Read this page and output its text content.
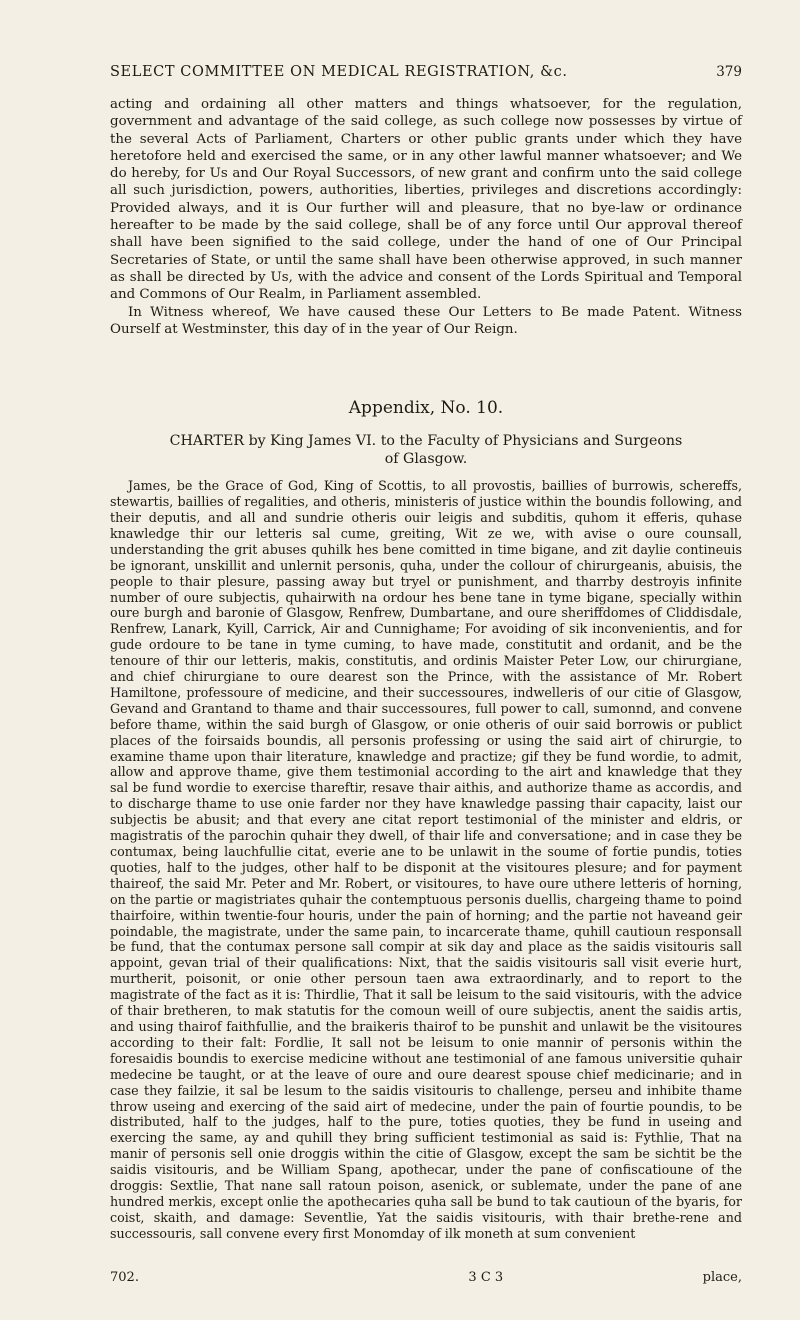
SELECT COMMITTEE ON MEDICAL REGISTRATION, &c.	379

acting and ordaining all other matters and things whatsoever, for the regulation, government and advantage of the said college, as such college now possesses by virtue of the several Acts of Parliament, Charters or other public grants under which they have heretofore held and exercised the same, or in any other lawful manner whatsoever; and We do hereby, for Us and Our Royal Successors, of new grant and confirm unto the said college all such jurisdiction, powers, authorities, liberties, privileges and discretions accordingly: Provided always, and it is Our further will and pleasure, that no bye-law or ordinance hereafter to be made by the said college, shall be of any force until Our approval thereof shall have been signified to the said college, under the hand of one of Our Principal Secretaries of State, or until the same shall have been otherwise approved, in such manner as shall be directed by Us, with the advice and consent of the Lords Spiritual and Temporal and Commons of Our Realm, in Parliament assembled.

In Witness whereof, We have caused these Our Letters to Be made Patent. Witness Ourself at Westminster, this day of in the year of Our Reign.

Appendix, No. 10.
CHARTER by King James VI. to the Faculty of Physicians and Surgeons
of Glasgow.

James, be the Grace of God, King of Scottis, to all provostis, baillies of burrowis, schereffs, stewartis, baillies of regalities, and otheris, ministeris of justice within the boundis following, and their deputis, and all and sundrie otheris ouir leigis and subditis, quhom it efferis, quhase knawledge thir our letteris sal cume, greiting, Wit ze we, with avise o oure counsall, understanding the grit abuses quhilk hes bene comitted in time bigane, and zit daylie contineuis be ignorant, unskillit and unlernit personis, quha, under the collour of chirurgeanis, abuisis, the people to thair plesure, passing away but tryel or punishment, and tharrby destroyis infinite number of oure subjectis, quhairwith na ordour hes bene tane in tyme bigane, specially within oure burgh and baronie of Glasgow, Renfrew, Dumbartane, and oure sheriffdomes of Cliddisdale, Renfrew, Lanark, Kyill, Carrick, Air and Cunnighame; For avoiding of sik inconvenientis, and for gude ordoure to be tane in tyme cuming, to have made, constitutit and ordanit, and be the tenoure of thir our letteris, makis, constitutis, and ordinis Maister Peter Low, our chirurgiane, and chief chirurgiane to oure dearest son the Prince, with the assistance of Mr. Robert Hamiltone, professoure of medicine, and their successoures, indwelleris of our citie of Glasgow, Gevand and Grantand to thame and thair successoures, full power to call, sumonnd, and convene before thame, within the said burgh of Glasgow, or onie otheris of ouir said borrowis or publict places of the foirsaids boundis, all personis professing or using the said airt of chirurgie, to examine thame upon thair literature, knawledge and practize; gif they be fund wordie, to admit, allow and approve thame, give them testimonial according to the airt and knawledge that they sal be fund wordie to exercise thareftir, resave thair aithis, and authorize thame as accordis, and to discharge thame to use onie farder nor they have knawledge passing thair capacity, laist our subjectis be abusit; and that every ane citat report testimonial of the minister and eldris, or magistratis of the parochin quhair they dwell, of thair life and conversatione; and in case they be contumax, being lauchfullie citat, everie ane to be unlawit in the soume of fortie pundis, toties quoties, half to the judges, other half to be disponit at the visitoures plesure; and for payment thaireof, the said Mr. Peter and Mr. Robert, or visitoures, to have oure uthere letteris of horning, on the partie or magistriates quhair the contemptuous personis duellis, chargeing thame to poind thairfoire, within twentie-four houris, under the pain of horning; and the partie not haveand geir poindable, the magistrate, under the same pain, to incarcerate thame, quhill cautioun responsall be fund, that the contumax persone sall compir at sik day and place as the saidis visitouris sall appoint, gevan trial of their qualifications: Nixt, that the saidis visitouris sall visit everie hurt, murtherit, poisonit, or onie other persoun taen awa extraordinarly, and to report to the magistrate of the fact as it is: Thirdlie, That it sall be leisum to the said visitouris, with the advice of thair bretheren, to mak statutis for the comoun weill of oure subjectis, anent the saidis artis, and using thairof faithfullie, and the braikeris thairof to be punshit and unlawit be the visitoures according to their falt: Fordlie, It sall not be leisum to onie mannir of personis within the foresaidis boundis to exercise medicine without ane testimonial of ane famous universitie quhair medecine be taught, or at the leave of oure and oure dearest spouse chief medicinarie; and in case they failzie, it sal be lesum to the saidis visitouris to challenge, perseu and inhibite thame throw useing and exercing of the said airt of medecine, under the pain of fourtie poundis, to be distributed, half to the judges, half to the pure, toties quoties, they be fund in useing and exercing the same, ay and quhill they bring sufficient testimonial as said is: Fythlie, That na manir of personis sell onie droggis within the citie of Glasgow, except the sam be sichtit be the saidis visitouris, and be William Spang, apothecar, under the pane of confiscatioune of the droggis: Sextlie, That nane sall ratoun poison, asenick, or sublemate, under the pane of ane hundred merkis, except onlie the apothecaries quha sall be bund to tak cautioun of the byaris, for coist, skaith, and damage: Seventlie, Yat the saidis visitouris, with thair brethe-rene and successouris, sall convene every first Monomday of ilk moneth at sum convenient

702.	3 C 3	place,
